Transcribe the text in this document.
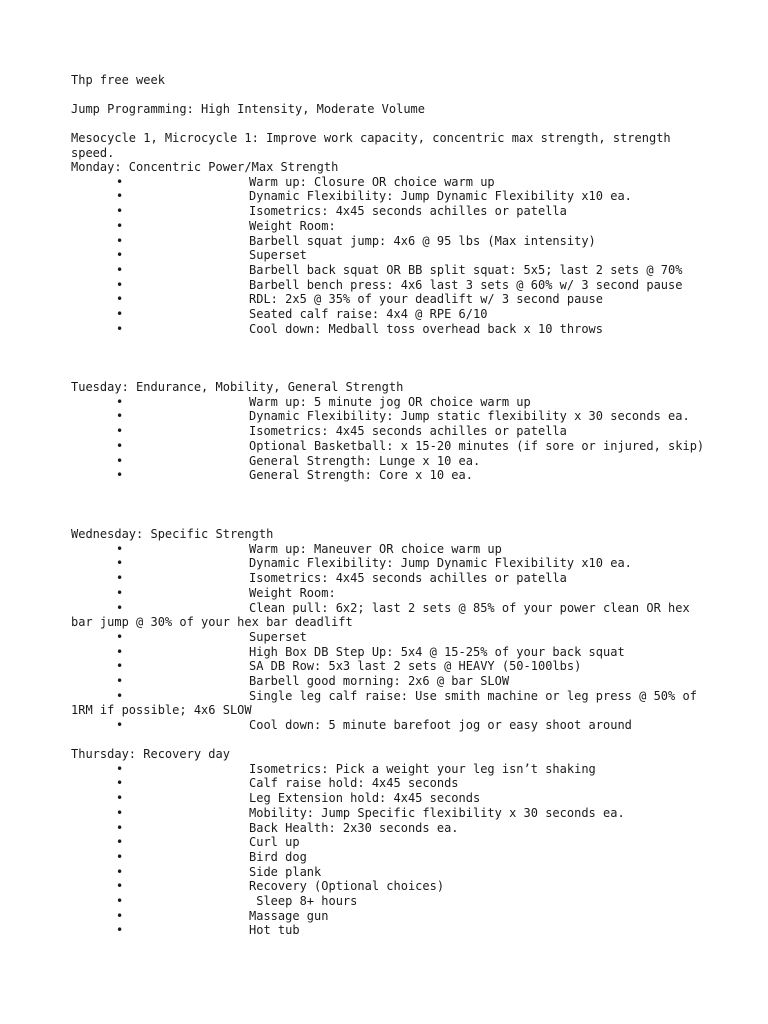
Thp free week
Jump Programming: High Intensity, Moderate Volume
Mesocycle 1, Microcycle 1: Improve work capacity, concentric max strength, strength speed.
Monday: Concentric Power/Max Strength
•	Warm up: Closure OR choice warm up
•	Dynamic Flexibility: Jump Dynamic Flexibility x10 ea.
•	Isometrics: 4x45 seconds achilles or patella
•	Weight Room:
•	Barbell squat jump: 4x6 @ 95 lbs (Max intensity)
•	Superset
•	Barbell back squat OR BB split squat: 5x5; last 2 sets @ 70%
•	Barbell bench press: 4x6 last 3 sets @ 60% w/ 3 second pause
•	RDL: 2x5 @ 35% of your deadlift w/ 3 second pause
•	Seated calf raise: 4x4 @ RPE 6/10
•	Cool down: Medball toss overhead back x 10 throws
Tuesday: Endurance, Mobility, General Strength
•	Warm up: 5 minute jog OR choice warm up
•	Dynamic Flexibility: Jump static flexibility x 30 seconds ea.
•	Isometrics: 4x45 seconds achilles or patella
•	Optional Basketball: x 15-20 minutes (if sore or injured, skip)
•	General Strength: Lunge x 10 ea.
•	General Strength: Core x 10 ea.
Wednesday: Specific Strength
•	Warm up: Maneuver OR choice warm up
•	Dynamic Flexibility: Jump Dynamic Flexibility x10 ea.
•	Isometrics: 4x45 seconds achilles or patella
•	Weight Room:
•	Clean pull: 6x2; last 2 sets @ 85% of your power clean OR hex bar jump @ 30% of your hex bar deadlift
•	Superset
•	High Box DB Step Up: 5x4 @ 15-25% of your back squat
•	SA DB Row: 5x3 last 2 sets @ HEAVY (50-100lbs)
•	Barbell good morning: 2x6 @ bar SLOW
•	Single leg calf raise: Use smith machine or leg press @ 50% of 1RM if possible; 4x6 SLOW
•	Cool down: 5 minute barefoot jog or easy shoot around
Thursday: Recovery day
•	Isometrics: Pick a weight your leg isn’t shaking
•	Calf raise hold: 4x45 seconds
•	Leg Extension hold: 4x45 seconds
•	Mobility: Jump Specific flexibility x 30 seconds ea.
•	Back Health: 2x30 seconds ea.
•	Curl up
•	Bird dog
•	Side plank
•	Recovery (Optional choices)
•	Sleep 8+ hours
•	Massage gun
•	Hot tub
